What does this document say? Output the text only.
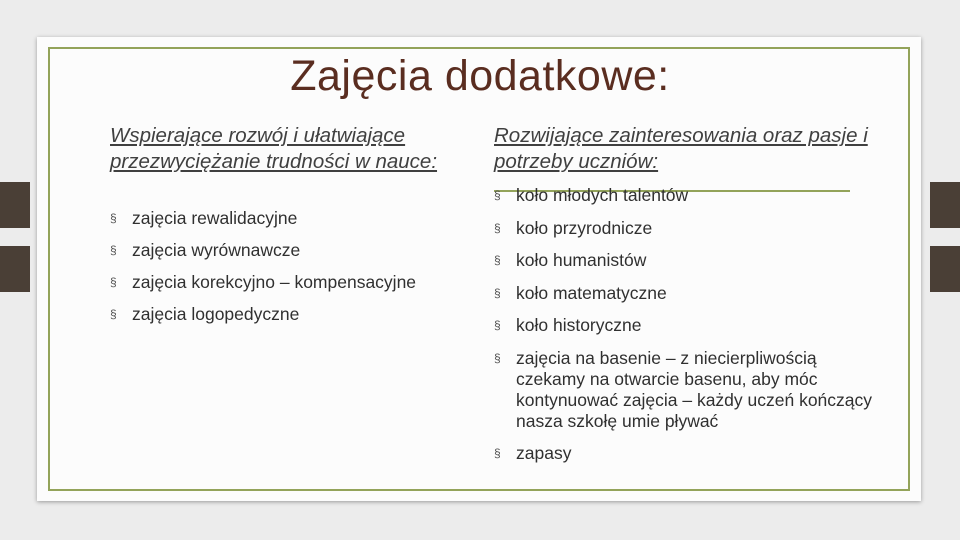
Zajęcia dodatkowe:

Wspierające rozwój i ułatwiające przezwyciężanie trudności w nauce:

§ zajęcia rewalidacyjne
§ zajęcia wyrównawcze
§ zajęcia korekcyjno – kompensacyjne
§ zajęcia logopedyczne

Rozwijające zainteresowania oraz pasje i potrzeby uczniów:

§ koło młodych talentów
§ koło przyrodnicze
§ koło humanistów
§ koło matematyczne
§ koło historyczne
§ zajęcia na basenie – z niecierpliwością czekamy na otwarcie basenu, aby móc kontynuować zajęcia – każdy uczeń kończący nasza szkołę umie pływać
§ zapasy
